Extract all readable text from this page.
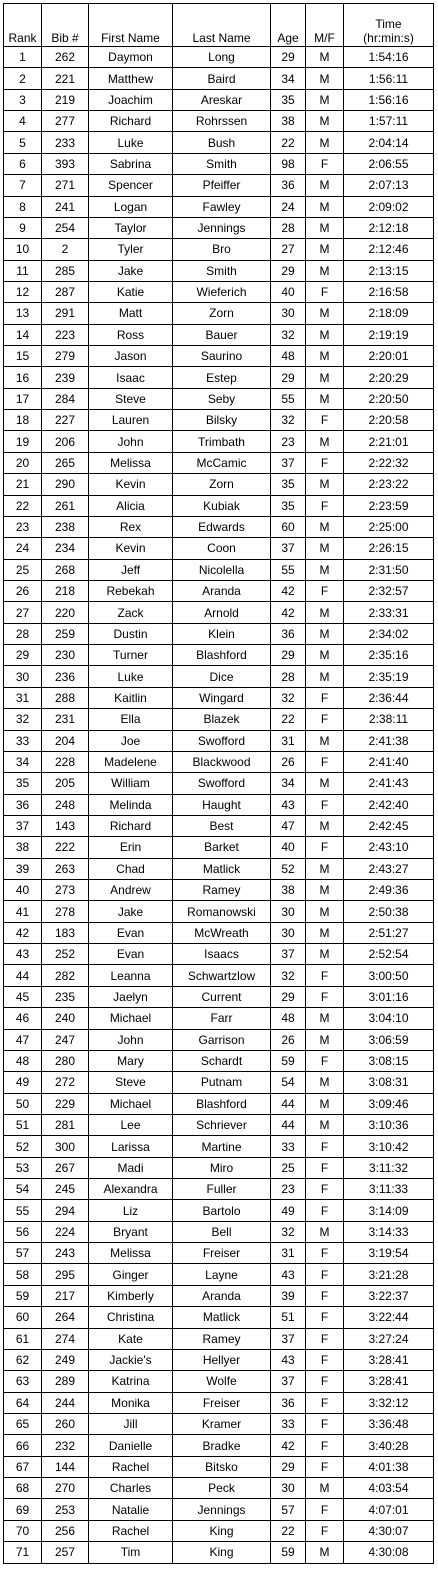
Rank	Bib #	First Name	Last Name	Age	M/F	Time
(hr:min:s)

1	262	Daymon	Long	29	M	1:54:16
2	221	Matthew	Baird	34	M	1:56:11
3	219	Joachim	Areskar	35	M	1:56:16
4	277	Richard	Rohrssen	38	M	1:57:11
5	233	Luke	Bush	22	M	2:04:14
6	393	Sabrina	Smith	98	F	2:06:55
7	271	Spencer	Pfeiffer	36	M	2:07:13
8	241	Logan	Fawley	24	M	2:09:02
9	254	Taylor	Jennings	28	M	2:12:18
10	2	Tyler	Bro	27	M	2:12:46
11	285	Jake	Smith	29	M	2:13:15
12	287	Katie	Wieferich	40	F	2:16:58
13	291	Matt	Zorn	30	M	2:18:09
14	223	Ross	Bauer	32	M	2:19:19
15	279	Jason	Saurino	48	M	2:20:01
16	239	Isaac	Estep	29	M	2:20:29
17	284	Steve	Seby	55	M	2:20:50
18	227	Lauren	Bilsky	32	F	2:20:58
19	206	John	Trimbath	23	M	2:21:01
20	265	Melissa	McCamic	37	F	2:22:32
21	290	Kevin	Zorn	35	M	2:23:22
22	261	Alicia	Kubiak	35	F	2:23:59
23	238	Rex	Edwards	60	M	2:25:00
24	234	Kevin	Coon	37	M	2:26:15
25	268	Jeff	Nicolella	55	M	2:31:50
26	218	Rebekah	Aranda	42	F	2:32:57
27	220	Zack	Arnold	42	M	2:33:31
28	259	Dustin	Klein	36	M	2:34:02
29	230	Turner	Blashford	29	M	2:35:16
30	236	Luke	Dice	28	M	2:35:19
31	288	Kaitlin	Wingard	32	F	2:36:44
32	231	Ella	Blazek	22	F	2:38:11
33	204	Joe	Swofford	31	M	2:41:38
34	228	Madelene	Blackwood	26	F	2:41:40
35	205	William	Swofford	34	M	2:41:43
36	248	Melinda	Haught	43	F	2:42:40
37	143	Richard	Best	47	M	2:42:45
38	222	Erin	Barket	40	F	2:43:10
39	263	Chad	Matlick	52	M	2:43:27
40	273	Andrew	Ramey	38	M	2:49:36
41	278	Jake	Romanowski	30	M	2:50:38
42	183	Evan	McWreath	30	M	2:51:27
43	252	Evan	Isaacs	37	M	2:52:54
44	282	Leanna	Schwartzlow	32	F	3:00:50
45	235	Jaelyn	Current	29	F	3:01:16
46	240	Michael	Farr	48	M	3:04:10
47	247	John	Garrison	26	M	3:06:59
48	280	Mary	Schardt	59	F	3:08:15
49	272	Steve	Putnam	54	M	3:08:31
50	229	Michael	Blashford	44	M	3:09:46
51	281	Lee	Schriever	44	M	3:10:36
52	300	Larissa	Martine	33	F	3:10:42
53	267	Madi	Miro	25	F	3:11:32
54	245	Alexandra	Fuller	23	F	3:11:33
55	294	Liz	Bartolo	49	F	3:14:09
56	224	Bryant	Bell	32	M	3:14:33
57	243	Melissa	Freiser	31	F	3:19:54
58	295	Ginger	Layne	43	F	3:21:28
59	217	Kimberly	Aranda	39	F	3:22:37
60	264	Christina	Matlick	51	F	3:22:44
61	274	Kate	Ramey	37	F	3:27:24
62	249	Jackie's	Hellyer	43	F	3:28:41
63	289	Katrina	Wolfe	37	F	3:28:41
64	244	Monika	Freiser	36	F	3:32:12
65	260	Jill	Kramer	33	F	3:36:48
66	232	Danielle	Bradke	42	F	3:40:28
67	144	Rachel	Bitsko	29	F	4:01:38
68	270	Charles	Peck	30	M	4:03:54
69	253	Natalie	Jennings	57	F	4:07:01
70	256	Rachel	King	22	F	4:30:07
71	257	Tim	King	59	M	4:30:08
